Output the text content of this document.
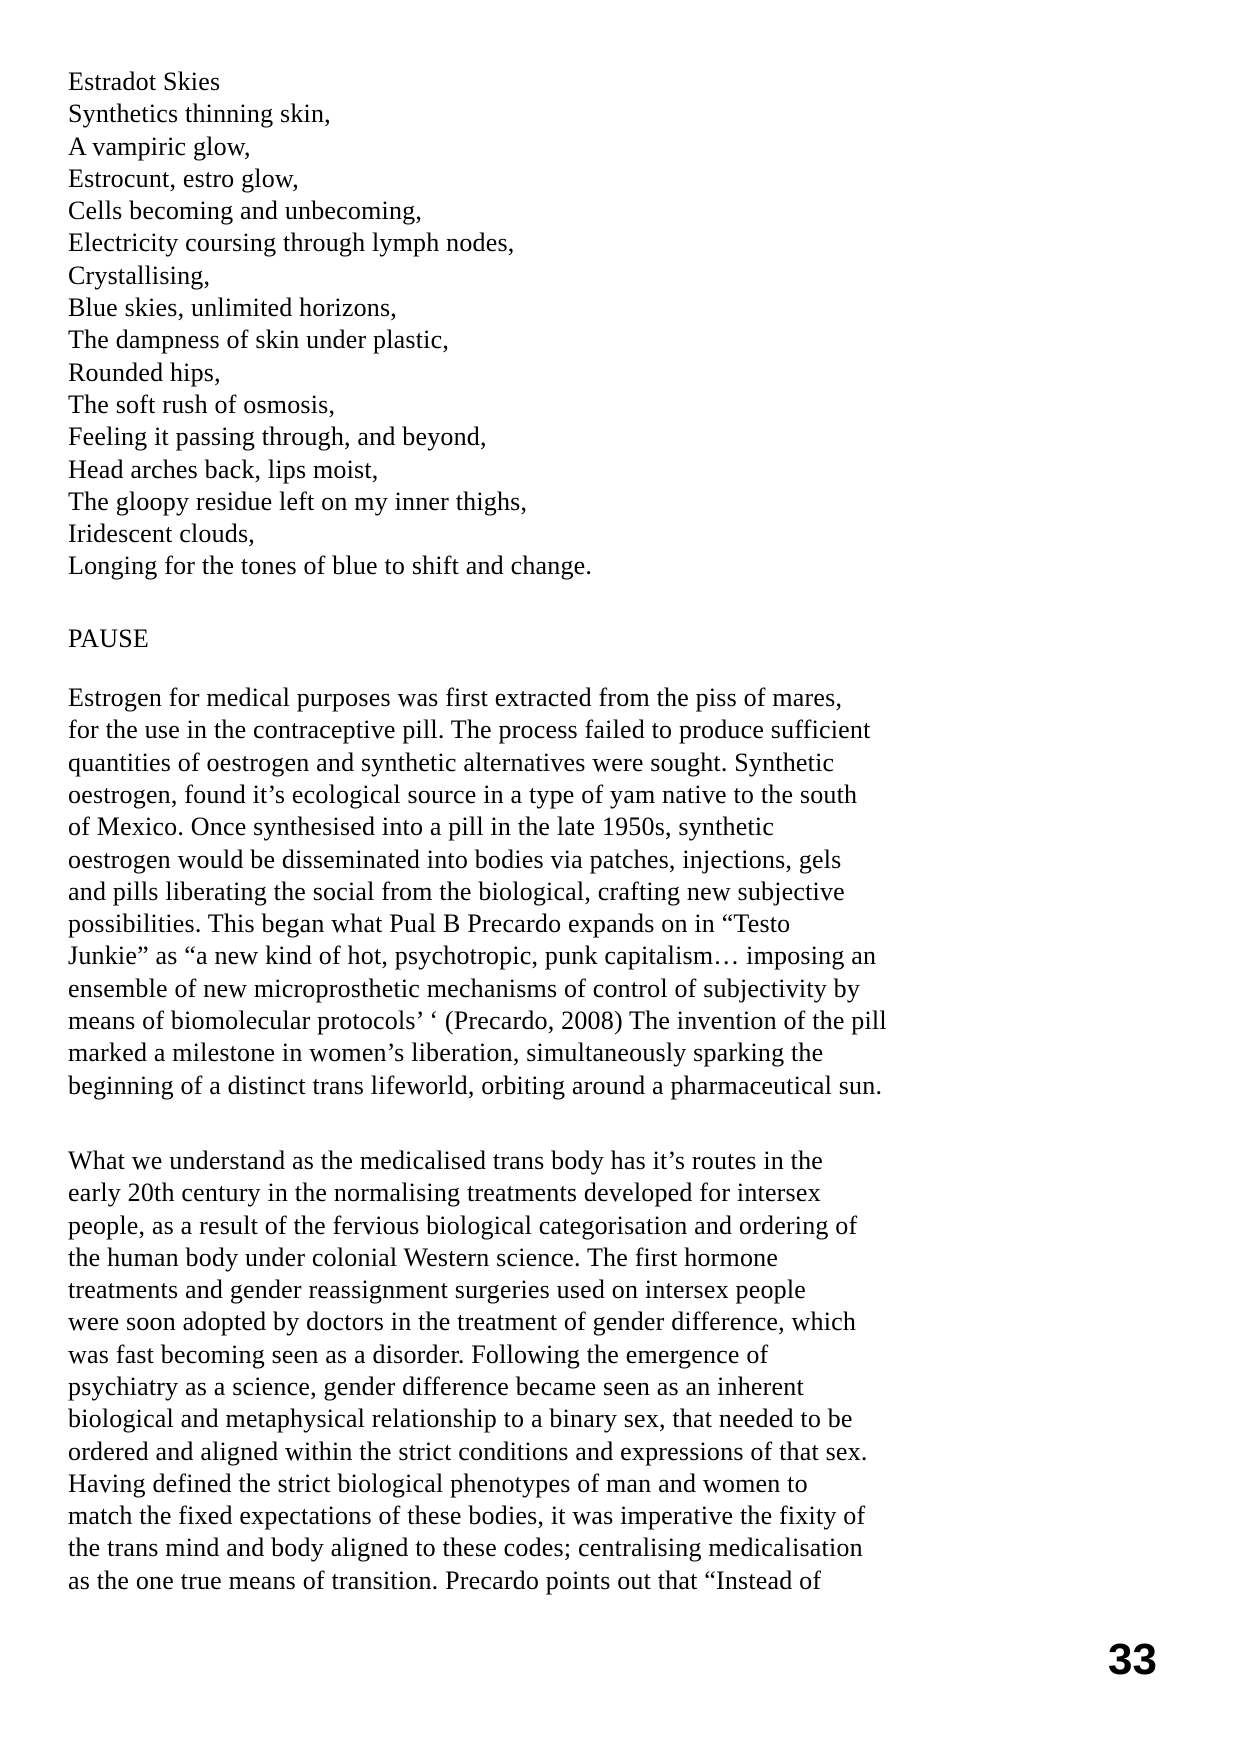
Estradot Skies
Synthetics thinning skin,
A vampiric glow,
Estrocunt, estro glow,
Cells becoming and unbecoming,
Electricity coursing through lymph nodes,
Crystallising,
Blue skies, unlimited horizons,
The dampness of skin under plastic,
Rounded hips,
The soft rush of osmosis,
Feeling it passing through, and beyond,
Head arches back, lips moist,
The gloopy residue left on my inner thighs,
Iridescent clouds,
Longing for the tones of blue to shift and change.
PAUSE
Estrogen for medical purposes was first extracted from the piss of mares,
for the use in the contraceptive pill. The process failed to produce sufficient
quantities of oestrogen and synthetic alternatives were sought. Synthetic
oestrogen, found it’s ecological source in a type of yam native to the south
of Mexico. Once synthesised into a pill in the late 1950s, synthetic
oestrogen would be disseminated into bodies via patches, injections, gels
and pills liberating the social from the biological, crafting new subjective
possibilities. This began what Pual B Precardo expands on in “Testo
Junkie” as “a new kind of hot, psychotropic, punk capitalism… imposing an
ensemble of new microprosthetic mechanisms of control of subjectivity by
means of biomolecular protocols’ ‘ (Precardo, 2008) The invention of the pill
marked a milestone in women’s liberation, simultaneously sparking the
beginning of a distinct trans lifeworld, orbiting around a pharmaceutical sun.
What we understand as the medicalised trans body has it’s routes in the
early 20th century in the normalising treatments developed for intersex
people, as a result of the fervious biological categorisation and ordering of
the human body under colonial Western science. The first hormone
treatments and gender reassignment surgeries used on intersex people
were soon adopted by doctors in the treatment of gender difference, which
was fast becoming seen as a disorder. Following the emergence of
psychiatry as a science, gender difference became seen as an inherent
biological and metaphysical relationship to a binary sex, that needed to be
ordered and aligned within the strict conditions and expressions of that sex.
Having defined the strict biological phenotypes of man and women to
match the fixed expectations of these bodies, it was imperative the fixity of
the trans mind and body aligned to these codes; centralising medicalisation
as the one true means of transition. Precardo points out that “Instead of
33
